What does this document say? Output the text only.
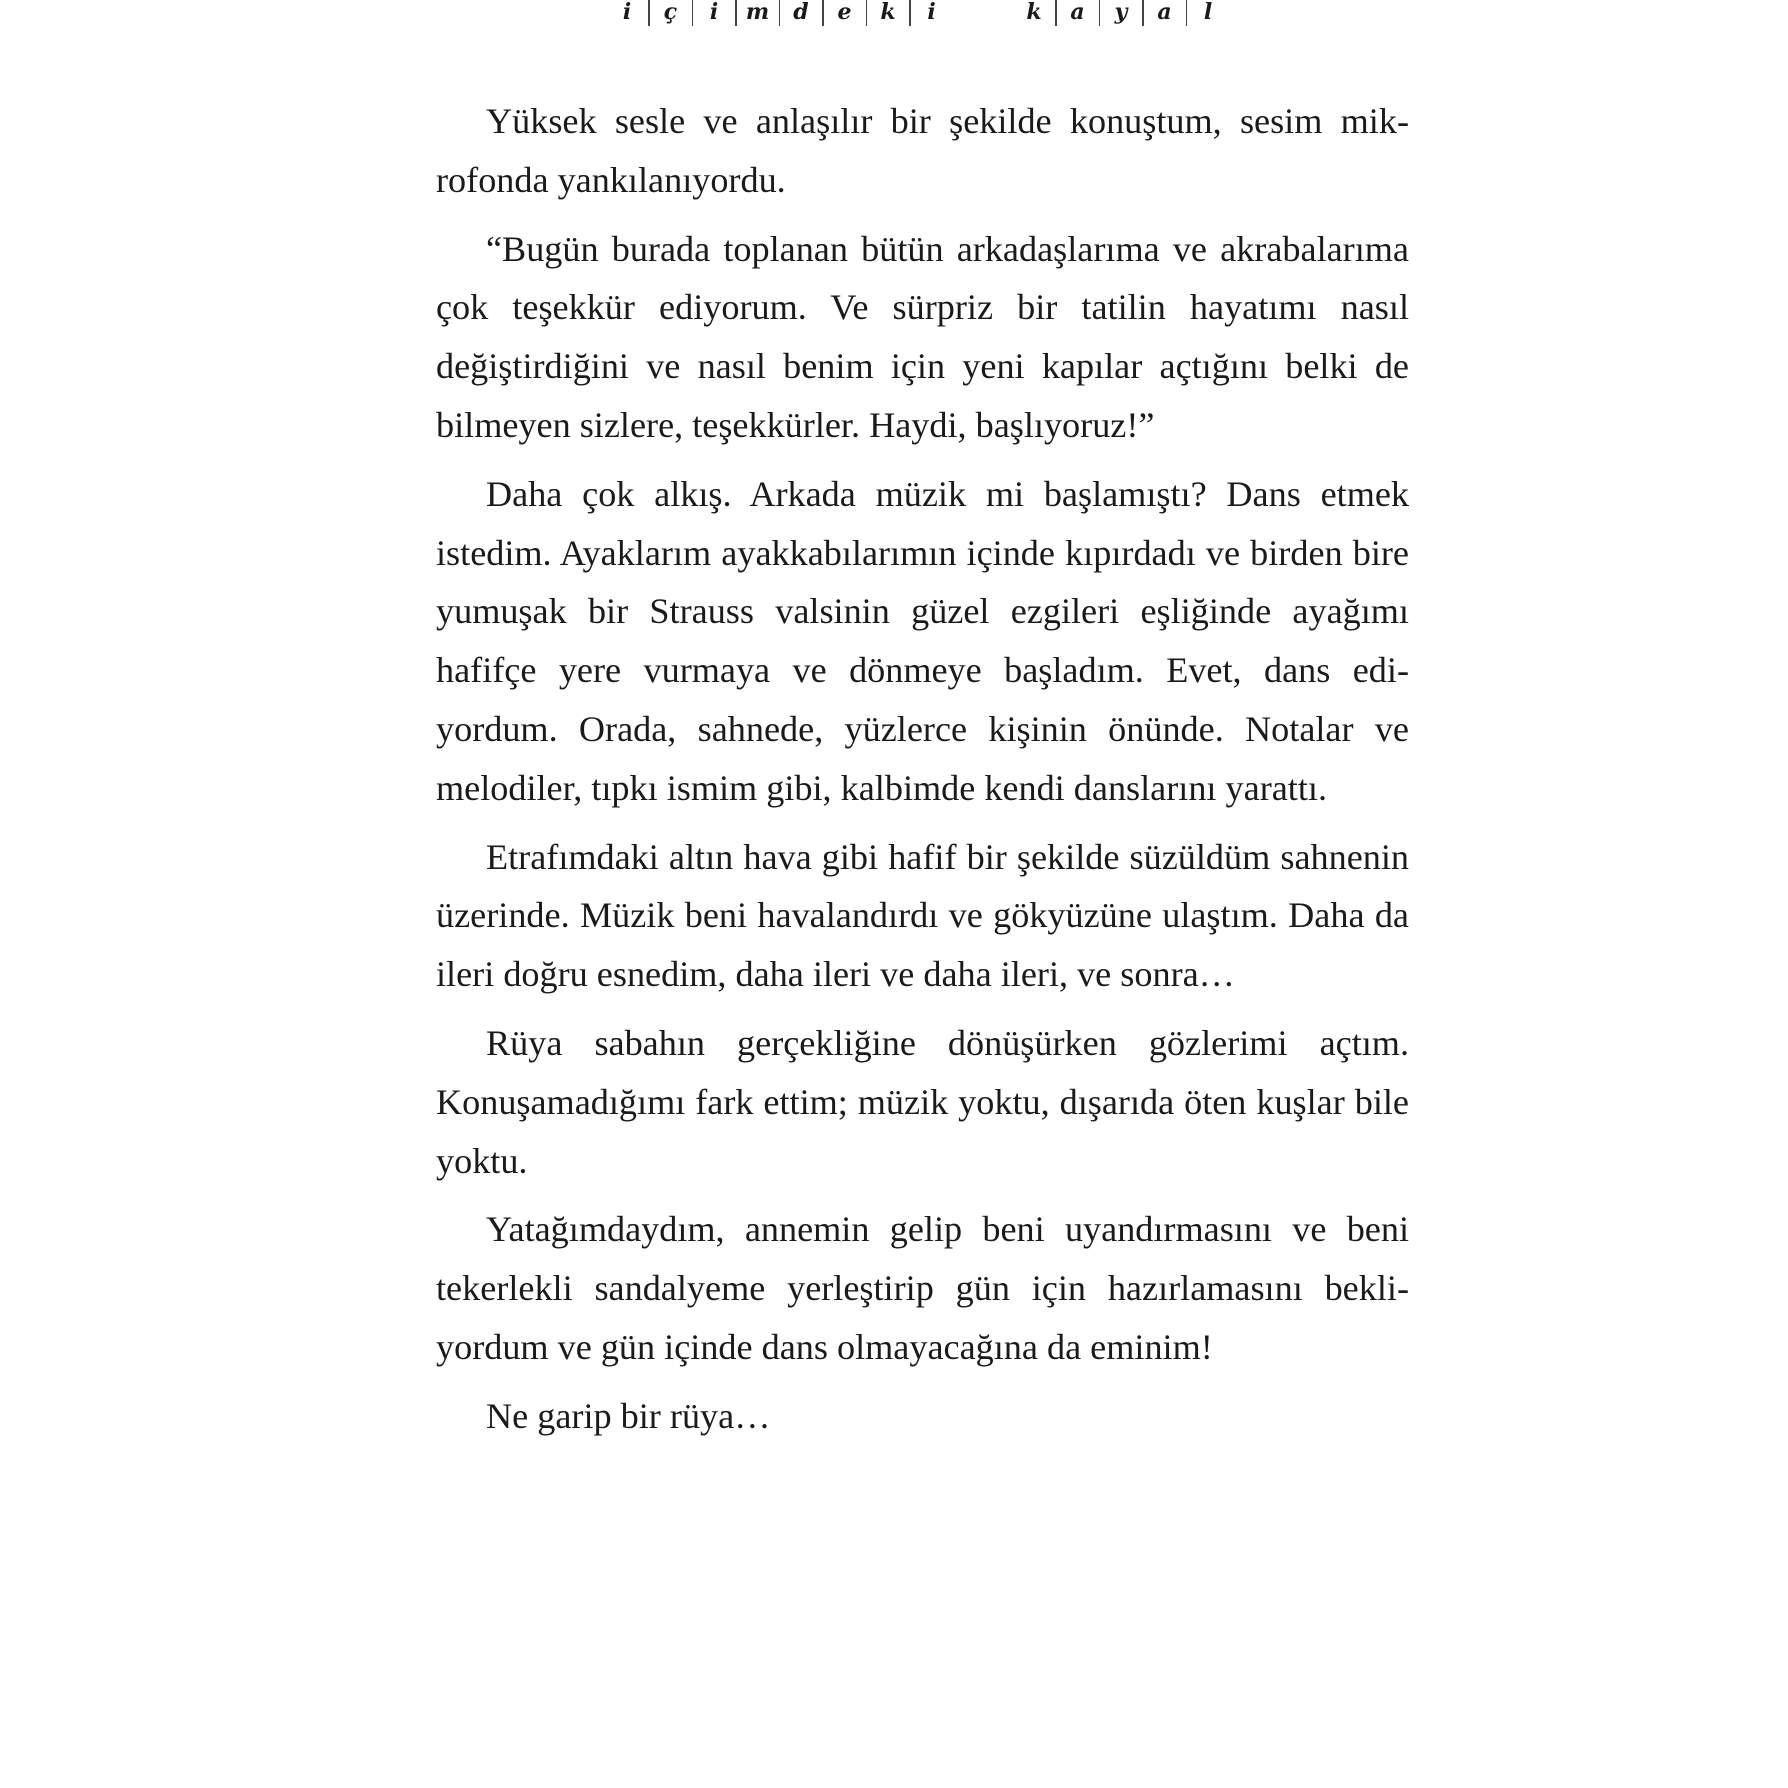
i	ç	i	m d e k	i	k a y	a	l

Yüksek sesle ve anlaşılır bir şekilde konuştum, sesim mikrofonda yankılanıyordu.

“Bugün burada toplanan bütün arkadaşlarıma ve akrabalarıma çok teşekkür ediyorum. Ve sürpriz bir tatilin hayatımı nasıl değiştirdiğini ve nasıl benim için yeni kapılar açtığını belki de bilmeyen sizlere, teşekkürler. Haydi, başlıyoruz!”

Daha çok alkış. Arkada müzik mi başlamıştı? Dans etmek istedim. Ayaklarım ayakkabılarımın içinde kıpırdadı ve birden bire yumuşak bir Strauss valsinin güzel ezgileri eşliğinde ayağımı hafifçe yere vurmaya ve dönmeye başladım. Evet, dans ediyordum. Orada, sahnede, yüzlerce kişinin önünde. Notalar ve melodiler, tıpkı ismim gibi, kalbimde kendi danslarını yarattı.

Etrafımdaki altın hava gibi hafif bir şekilde süzüldüm sahnenin üzerinde. Müzik beni havalandırdı ve gökyüzüne ulaştım. Daha da ileri doğru esnedim, daha ileri ve daha ileri, ve sonra…

Rüya sabahın gerçekliğine dönüşürken gözlerimi açtım. Konuşamadığımı fark ettim; müzik yoktu, dışarıda öten kuşlar bile yoktu.

Yatağımdaydım, annemin gelip beni uyandırmasını ve beni tekerlekli sandalyeme yerleştirip gün için hazırlamasını bekliyordum ve gün içinde dans olmayacağına da eminim!

Ne garip bir rüya…
